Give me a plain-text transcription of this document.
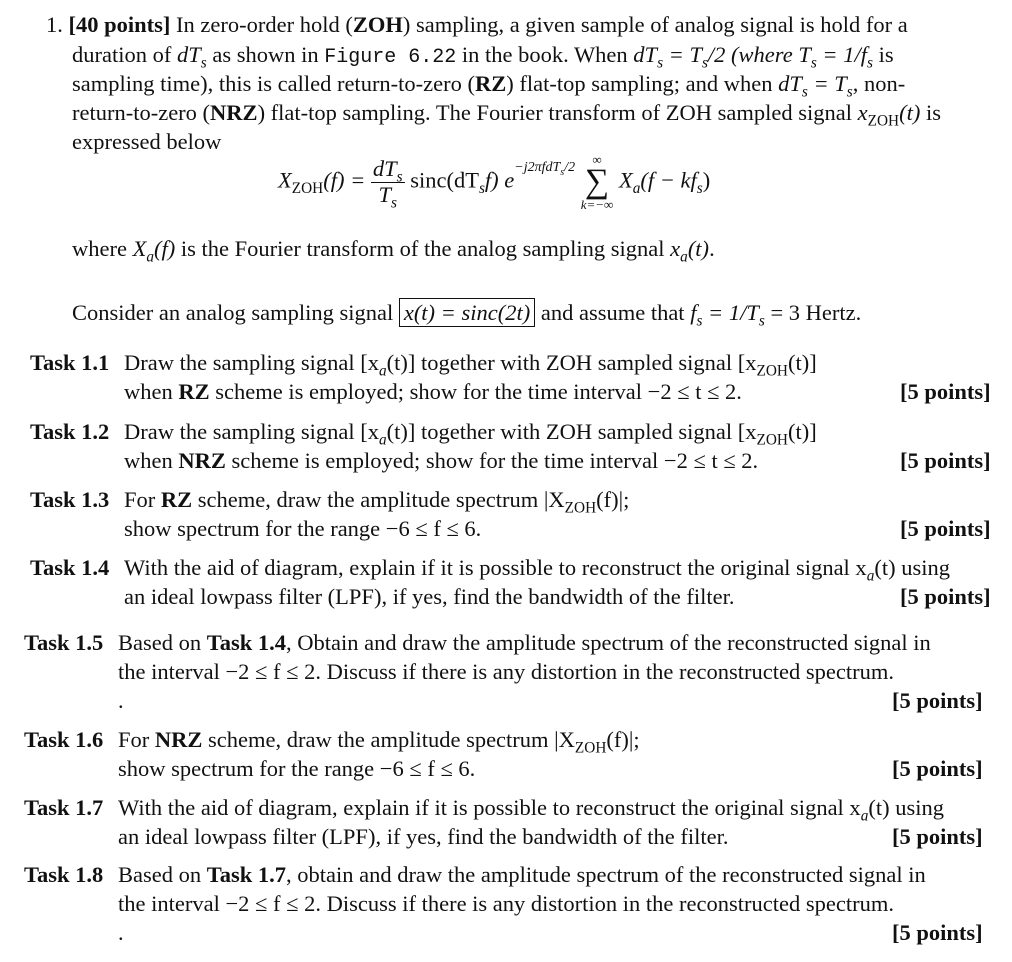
1. [40 points] In zero-order hold (ZOH) sampling, a given sample of analog signal is hold for a
duration of $dT_s$ as shown in Figure 6.22 in the book. When $dT_s = T_s/2$ (where $T_s = 1/f_s$ is
sampling time), this is called return-to-zero (RZ) flat-top sampling; and when $dT_s = T_s$, non-
return-to-zero (NRZ) flat-top sampling. The Fourier transform of ZOH sampled signal $x_{ZOH}(t)$ is
expressed below
$X_{ZOH}(f) = \frac{dT_s}{T_s} \sin c(dT_sf)$ $e^{-j2\pi fdT_s/2}$
∞
∑
k=−∞
$X_a(f - kf_s)$
where $X_a(f)$ is the Fourier transform of the analog sampling signal $x_a(t)$.
Consider an analog sampling signal x(t) = sinc(2t) and assume that $f_s = 1/T_s = 3$ Hertz.
Task 1.1 Draw the sampling signal $[x_a(t)]$ together with ZOH sampled signal $[x_{ZOH}(t)]$
when RZ scheme is employed; show for the time interval −2 ≤ t ≤ 2.	[5 points]
Task 1.2 Draw the sampling signal $[x_a(t)]$ together with ZOH sampled signal $[x_{ZOH}(t)]$
when NRZ scheme is employed; show for the time interval −2 ≤ t ≤ 2.	[5 points]
Task 1.3 For RZ scheme, draw the amplitude spectrum $|X_{ZOH}(f)|$;
show spectrum for the range −6 ≤ f ≤ 6.	[5 points]
Task 1.4 With the aid of diagram, explain if it is possible to reconstruct the original signal $x_a(t)$ using
an ideal lowpass filter (LPF), if yes, find the bandwidth of the filter.	[5 points]
Task 1.5 Based on Task 1.4, Obtain and draw the amplitude spectrum of the reconstructed signal in
the interval −2 ≤ f ≤ 2. Discuss if there is any distortion in the reconstructed spectrum.
.	[5 points]
Task 1.6 For NRZ scheme, draw the amplitude spectrum $|X_{ZOH}(f)|$;
show spectrum for the range −6 ≤ f ≤ 6.	[5 points]
Task 1.7 With the aid of diagram, explain if it is possible to reconstruct the original signal $x_a(t)$ using
an ideal lowpass filter (LPF), if yes, find the bandwidth of the filter.	[5 points]
Task 1.8 Based on Task 1.7, obtain and draw the amplitude spectrum of the reconstructed signal in
the interval −2 ≤ f ≤ 2. Discuss if there is any distortion in the reconstructed spectrum.
.	[5 points]
